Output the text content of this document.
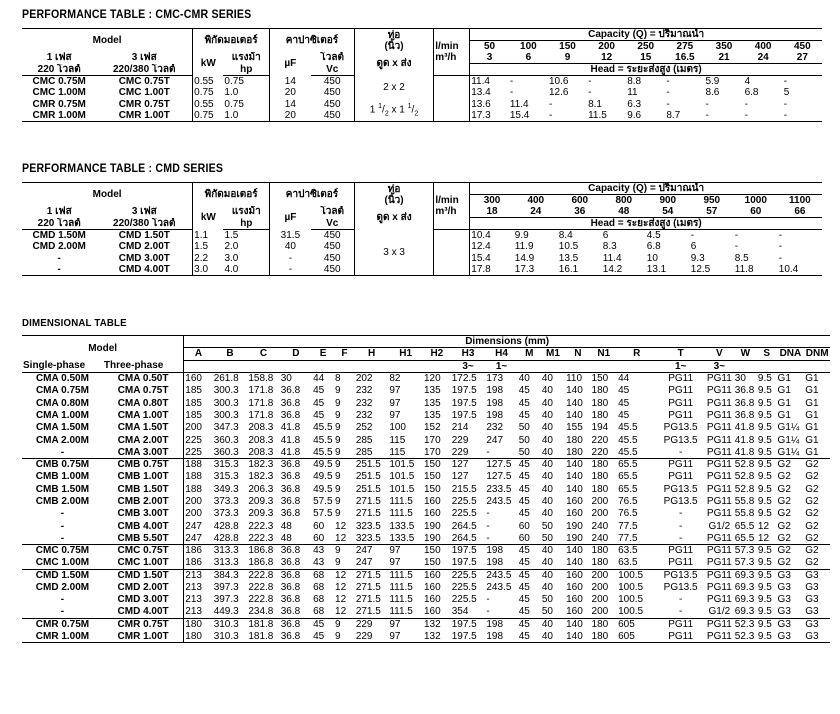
PERFORMANCE TABLE : CMC-CMR SERIES
Model		พิกัดมอเตอร์		คาปาซิเตอร์		ท่อ
(นิ้ว)		Capacity (Q) = ปริมาณน้ำ								
							l/min	50	100	150	200	250	275	350	400	450
1 เฟส	3 เฟส	kW	แรงม้า	µF	โวลต์	ดูด x ส่ง	m³/h	3	6	9	12	15	16.5	21	24	27
220 โวลต์	220/380 โวลต์		hp		Vc			Head = ระยะส่งสูง (เมตร)								
CMC 0.75M	CMC 0.75T	0.55	0.75	14	450	2 x 2		11.4	-	10.6	-	8.8	-	5.9	4	-
CMC 1.00M	CMC 1.00T	0.75	1.0	20	450			13.4	-	12.6	-	11	-	8.6	6.8	5
CMR 0.75M	CMR 0.75T	0.55	0.75	14	450	1 $^1/_2$ x 1 $^1/_2$		13.6	11.4	-	8.1	6.3	-	-	-	-
CMR 1.00M	CMR 1.00T	0.75	1.0	20	450			17.3	15.4	-	11.5	9.6	8.7	-	-	-
PERFORMANCE TABLE : CMD SERIES
Model		พิกัดมอเตอร์		คาปาซิเตอร์		ท่อ
(นิ้ว)		Capacity (Q) = ปริมาณน้ำ							
							l/min	300	400	600	800	900	950	1000	1100
1 เฟส	3 เฟส	kW	แรงม้า	µF	โวลต์	ดูด x ส่ง	m³/h	18	24	36	48	54	57	60	66
220 โวลต์	220/380 โวลต์		hp		Vc			Head = ระยะส่งสูง (เมตร)							
CMD 1.50M	CMD 1.50T	1.1	1.5	31.5	450	3 x 3		10.4	9.9	8.4	6	4.5	-	-	-
CMD 2.00M	CMD 2.00T	1.5	2.0	40	450			12.4	11.9	10.5	8.3	6.8	6	-	-
-	CMD 3.00T	2.2	3.0	-	450			15.4	14.9	13.5	11.4	10	9.3	8.5	-
-	CMD 4.00T	3.0	4.0	-	450			17.8	17.3	16.1	14.2	13.1	12.5	11.8	10.4
DIMENSIONAL TABLE
Model		Dimensions (mm)																					
		A	B	C	D	E	F	H	H1	H2	H3	H4	M	M1	N	N1	R	T	V	W	S	DNA	DNM
Single-phase	Three-phase										3~	1~						1~	3~				
CMA 0.50M	CMA 0.50T	160	261.8	158.8	30	44	8	202	82	120	172.5	173	40	40	110	150	44	PG11	PG11	30	9.5	G1	G1
CMA 0.75M	CMA 0.75T	185	300.3	171.8	36.8	45	9	232	97	135	197.5	198	45	40	140	180	45	PG11	PG11	36.8	9.5	G1	G1
CMA 0.80M	CMA 0.80T	185	300.3	171.8	36.8	45	9	232	97	135	197.5	198	45	40	140	180	45	PG11	PG11	36.8	9.5	G1	G1
CMA 1.00M	CMA 1.00T	185	300.3	171.8	36.8	45	9	232	97	135	197.5	198	45	40	140	180	45	PG11	PG11	36.8	9.5	G1	G1
CMA 1.50M	CMA 1.50T	200	347.3	208.3	41.8	45.5	9	252	100	152	214	232	50	40	155	194	45.5	PG13.5	PG11	41.8	9.5	G1¼	G1
CMA 2.00M	CMA 2.00T	225	360.3	208.3	41.8	45.5	9	285	115	170	229	247	50	40	180	220	45.5	PG13.5	PG11	41.8	9.5	G1¼	G1
-	CMA 3.00T	225	360.3	208.3	41.8	45.5	9	285	115	170	229	-	50	40	180	220	45.5	-	PG11	41.8	9.5	G1¼	G1
CMB 0.75M	CMB 0.75T	188	315.3	182.3	36.8	49.5	9	251.5	101.5	150	127	127.5	45	40	140	180	65.5	PG11	PG11	52.8	9.5	G2	G2
CMB 1.00M	CMB 1.00T	188	315.3	182.3	36.8	49.5	9	251.5	101.5	150	127	127.5	45	40	140	180	65.5	PG11	PG11	52.8	9.5	G2	G2
CMB 1.50M	CMB 1.50T	188	349.3	206.3	36.8	49.5	9	251.5	101.5	150	215.5	233.5	45	40	140	180	65.5	PG13.5	PG11	52.8	9.5	G2	G2
CMB 2.00M	CMB 2.00T	200	373.3	209.3	36.8	57.5	9	271.5	111.5	160	225.5	243.5	45	40	160	200	76.5	PG13.5	PG11	55.8	9.5	G2	G2
-	CMB 3.00T	200	373.3	209.3	36.8	57.5	9	271.5	111.5	160	225.5	-	45	40	160	200	76.5	-	PG11	55.8	9.5	G2	G2
-	CMB 4.00T	247	428.8	222.3	48	60	12	323.5	133.5	190	264.5	-	60	50	190	240	77.5	-	G1/2	65.5	12	G2	G2
-	CMB 5.50T	247	428.8	222.3	48	60	12	323.5	133.5	190	264.5	-	60	50	190	240	77.5	-	PG11	65.5	12	G2	G2
CMC 0.75M	CMC 0.75T	186	313.3	186.8	36.8	43	9	247	97	150	197.5	198	45	40	140	180	63.5	PG11	PG11	57.3	9.5	G2	G2
CMC 1.00M	CMC 1.00T	186	313.3	186.8	36.8	43	9	247	97	150	197.5	198	45	40	140	180	63.5	PG11	PG11	57.3	9.5	G2	G2
CMD 1.50M	CMD 1.50T	213	384.3	222.8	36.8	68	12	271.5	111.5	160	225.5	243.5	45	40	160	200	100.5	PG13.5	PG11	69.3	9.5	G3	G3
CMD 2.00M	CMD 2.00T	213	397.3	222.8	36.8	68	12	271.5	111.5	160	225.5	243.5	45	40	160	200	100.5	PG13.5	PG11	69.3	9.5	G3	G3
-	CMD 3.00T	213	397.3	222.8	36.8	68	12	271.5	111.5	160	225.5	-	45	50	160	200	100.5	-	PG11	69.3	9.5	G3	G3
-	CMD 4.00T	213	449.3	234.8	36.8	68	12	271.5	111.5	160	354	-	45	50	160	200	100.5	-	G1/2	69.3	9.5	G3	G3
CMR 0.75M	CMR 0.75T	180	310.3	181.8	36.8	45	9	229	97	132	197.5	198	45	40	140	180	605	PG11	PG11	52.3	9.5	G3	G3
CMR 1.00M	CMR 1.00T	180	310.3	181.8	36.8	45	9	229	97	132	197.5	198	45	40	140	180	605	PG11	PG11	52.3	9.5	G3	G3
